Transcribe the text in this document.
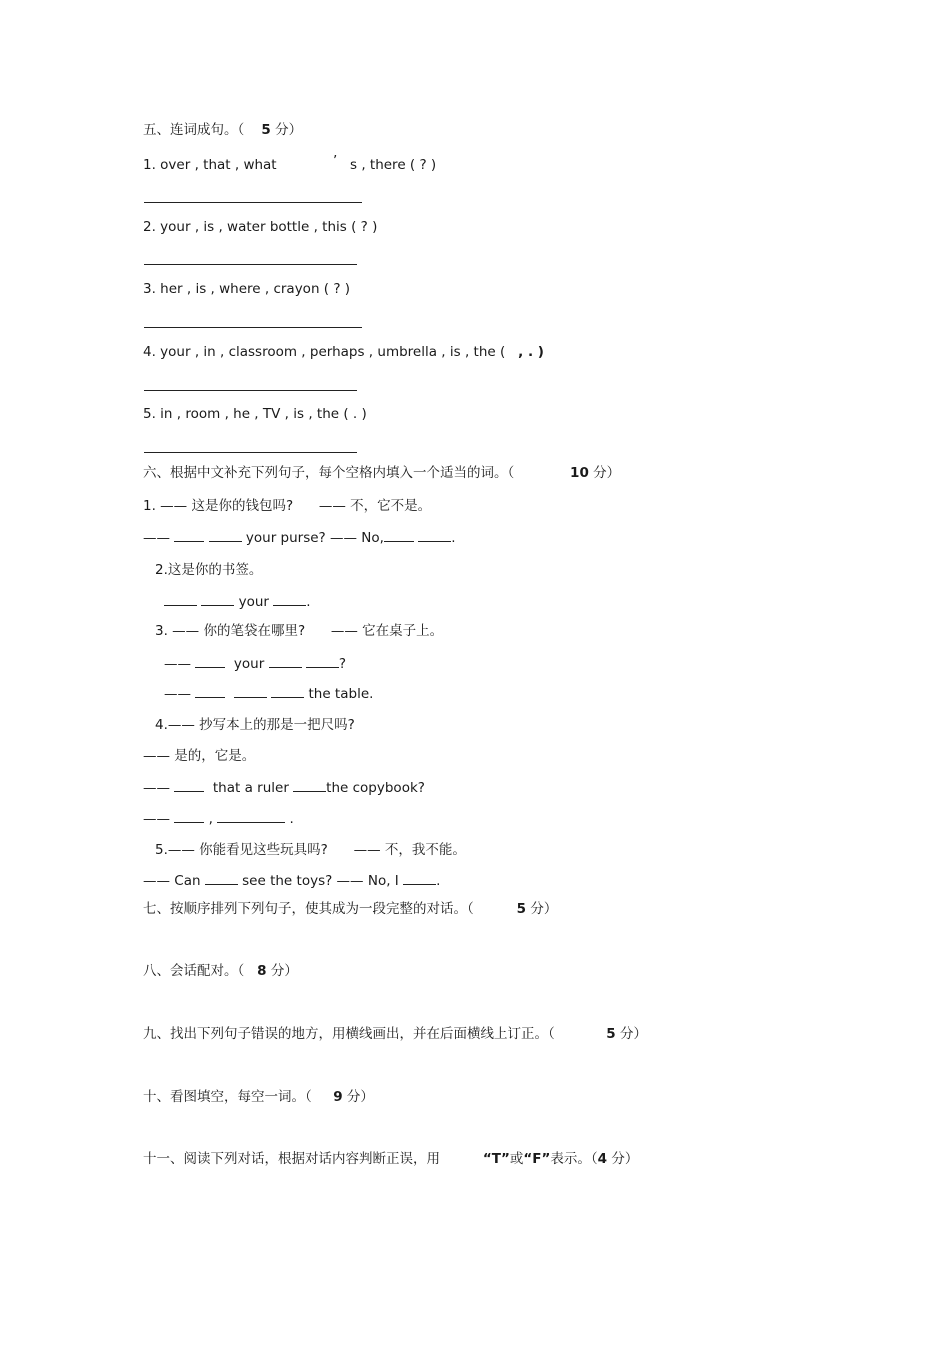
五、连词成句。（ 5 分）
1. over , that , what	’ s , there ( ? )
2. your , is , water bottle , this ( ? )
3. her , is , where , crayon ( ? )
4. your , in , classroom , perhaps , umbrella , is , the ( , . )
5. in , room , he , TV , is , the ( . )
六、根据中文补充下列句子，每个空格内填入一个适当的词。（	10 分）
1. —— 这是你的钱包吗? —— 不，它不是。
——	your purse? —— No,	.
2.这是你的书签。
your	.
3. —— 你的笔袋在哪里? —— 它在桌子上。
——	your	?
——	the table.
4.—— 抄写本上的那是一把尺吗?
—— 是的，它是。
——	that a ruler	the copybook?
——	,	.
5.—— 你能看见这些玩具吗? —— 不，我不能。
—— Can	see the toys? —— No, I	.
七、按顺序排列下列句子，使其成为一段完整的对话。（	5 分）
八、会话配对。（ 8 分）
九、找出下列句子错误的地方，用横线画出，并在后面横线上订正。（	5 分）
十、看图填空，每空一词。（ 9 分）
十一、阅读下列对话，根据对话内容判断正误，用	“T”或“F”表示。（4 分）
